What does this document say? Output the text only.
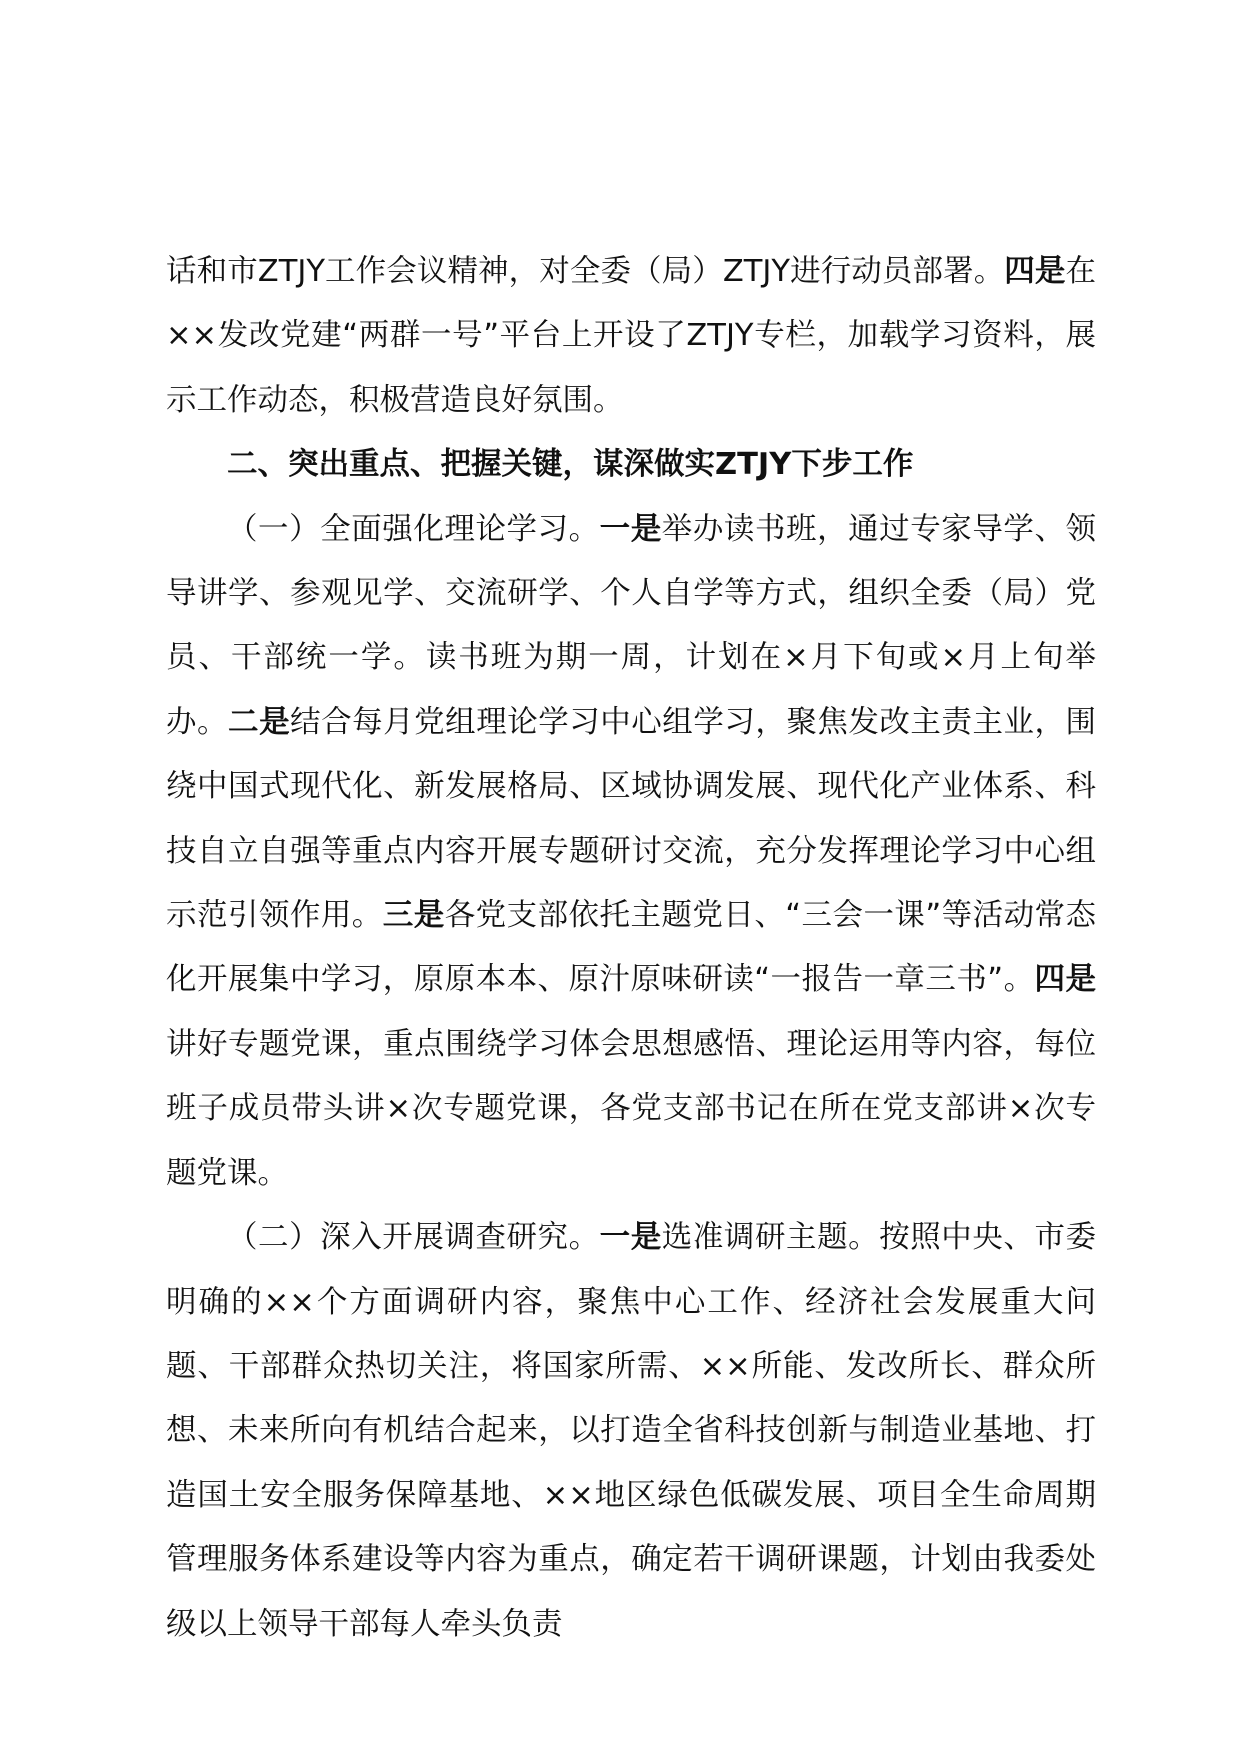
话和市ZTJY工作会议精神，对全委（局）ZTJY进行动员部署。四是在××发改党建“两群一号”平台上开设了ZTJY专栏，加载学习资料，展示工作动态，积极营造良好氛围。

二、突出重点、把握关键，谋深做实ZTJY下步工作

（一）全面强化理论学习。一是举办读书班，通过专家导学、领导讲学、参观见学、交流研学、个人自学等方式，组织全委（局）党员、干部统一学。读书班为期一周，计划在×月下旬或×月上旬举办。二是结合每月党组理论学习中心组学习，聚焦发改主责主业，围绕中国式现代化、新发展格局、区域协调发展、现代化产业体系、科技自立自强等重点内容开展专题研讨交流，充分发挥理论学习中心组示范引领作用。三是各党支部依托主题党日、“三会一课”等活动常态化开展集中学习，原原本本、原汁原味研读“一报告一章三书”。四是讲好专题党课，重点围绕学习体会思想感悟、理论运用等内容，每位班子成员带头讲×次专题党课，各党支部书记在所在党支部讲×次专题党课。

（二）深入开展调查研究。一是选准调研主题。按照中央、市委明确的××个方面调研内容，聚焦中心工作、经济社会发展重大问题、干部群众热切关注，将国家所需、××所能、发改所长、群众所想、未来所向有机结合起来，以打造全省科技创新与制造业基地、打造国土安全服务保障基地、××地区绿色低碳发展、项目全生命周期管理服务体系建设等内容为重点，确定若干调研课题，计划由我委处级以上领导干部每人牵头负责
